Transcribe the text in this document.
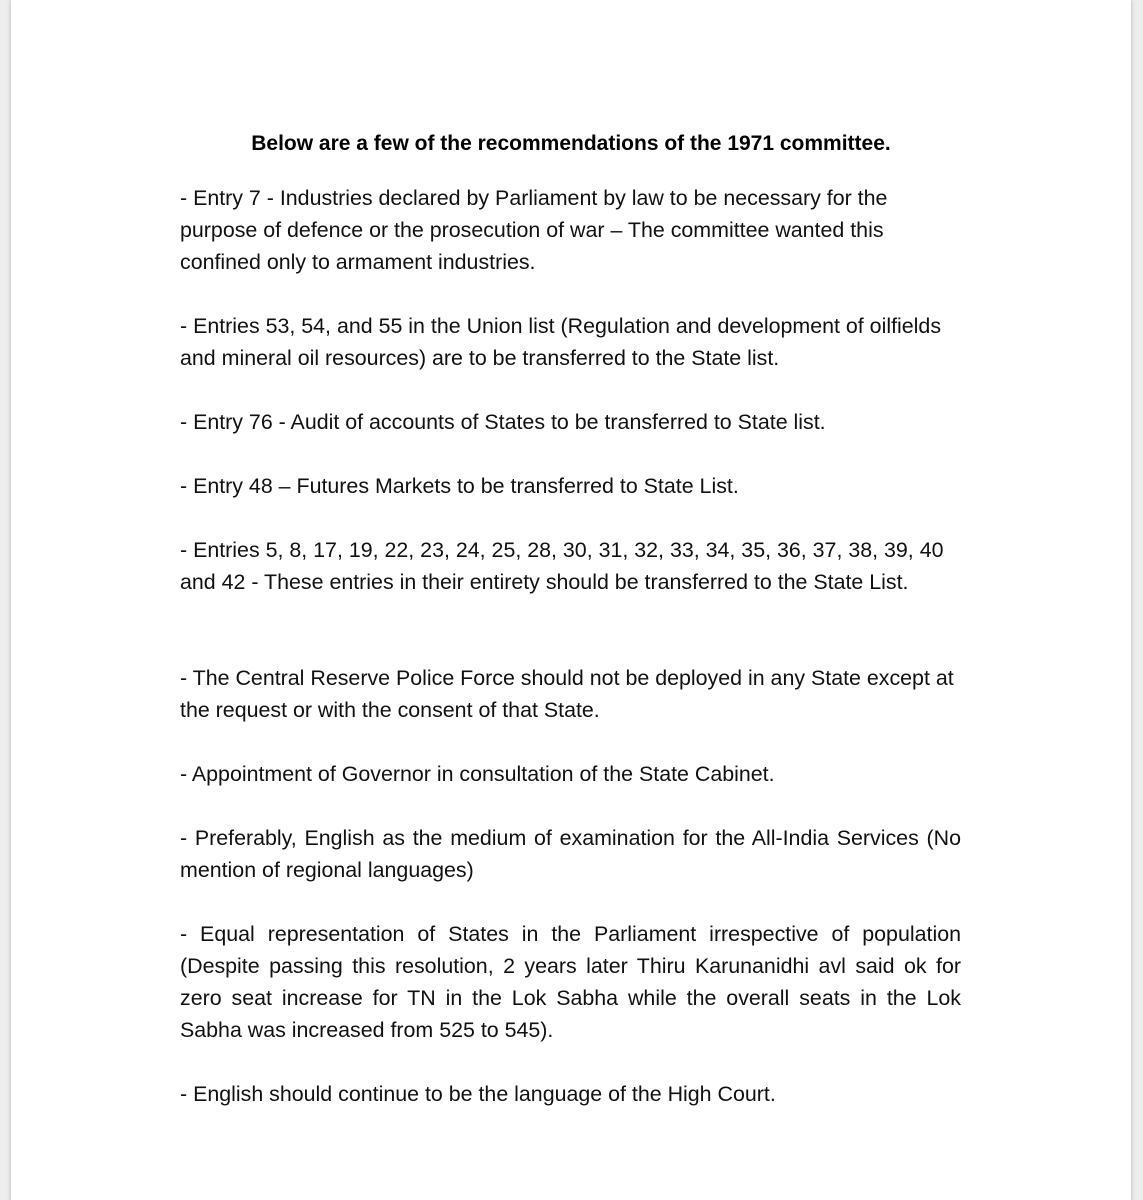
Below are a few of the recommendations of the 1971 committee.

- Entry 7 - Industries declared by Parliament by law to be necessary for the purpose of defence or the prosecution of war – The committee wanted this confined only to armament industries.

- Entries 53, 54, and 55 in the Union list (Regulation and development of oilfields and mineral oil resources) are to be transferred to the State list.

- Entry 76 - Audit of accounts of States to be transferred to State list.

- Entry 48 – Futures Markets to be transferred to State List.

- Entries 5, 8, 17, 19, 22, 23, 24, 25, 28, 30, 31, 32, 33, 34, 35, 36, 37, 38, 39, 40 and 42 - These entries in their entirety should be transferred to the State List.

- The Central Reserve Police Force should not be deployed in any State except at the request or with the consent of that State.

- Appointment of Governor in consultation of the State Cabinet.

- Preferably, English as the medium of examination for the All-India Services (No mention of regional languages)

- Equal representation of States in the Parliament irrespective of population (Despite passing this resolution, 2 years later Thiru Karunanidhi avl said ok for zero seat increase for TN in the Lok Sabha while the overall seats in the Lok Sabha was increased from 525 to 545).

- English should continue to be the language of the High Court.
